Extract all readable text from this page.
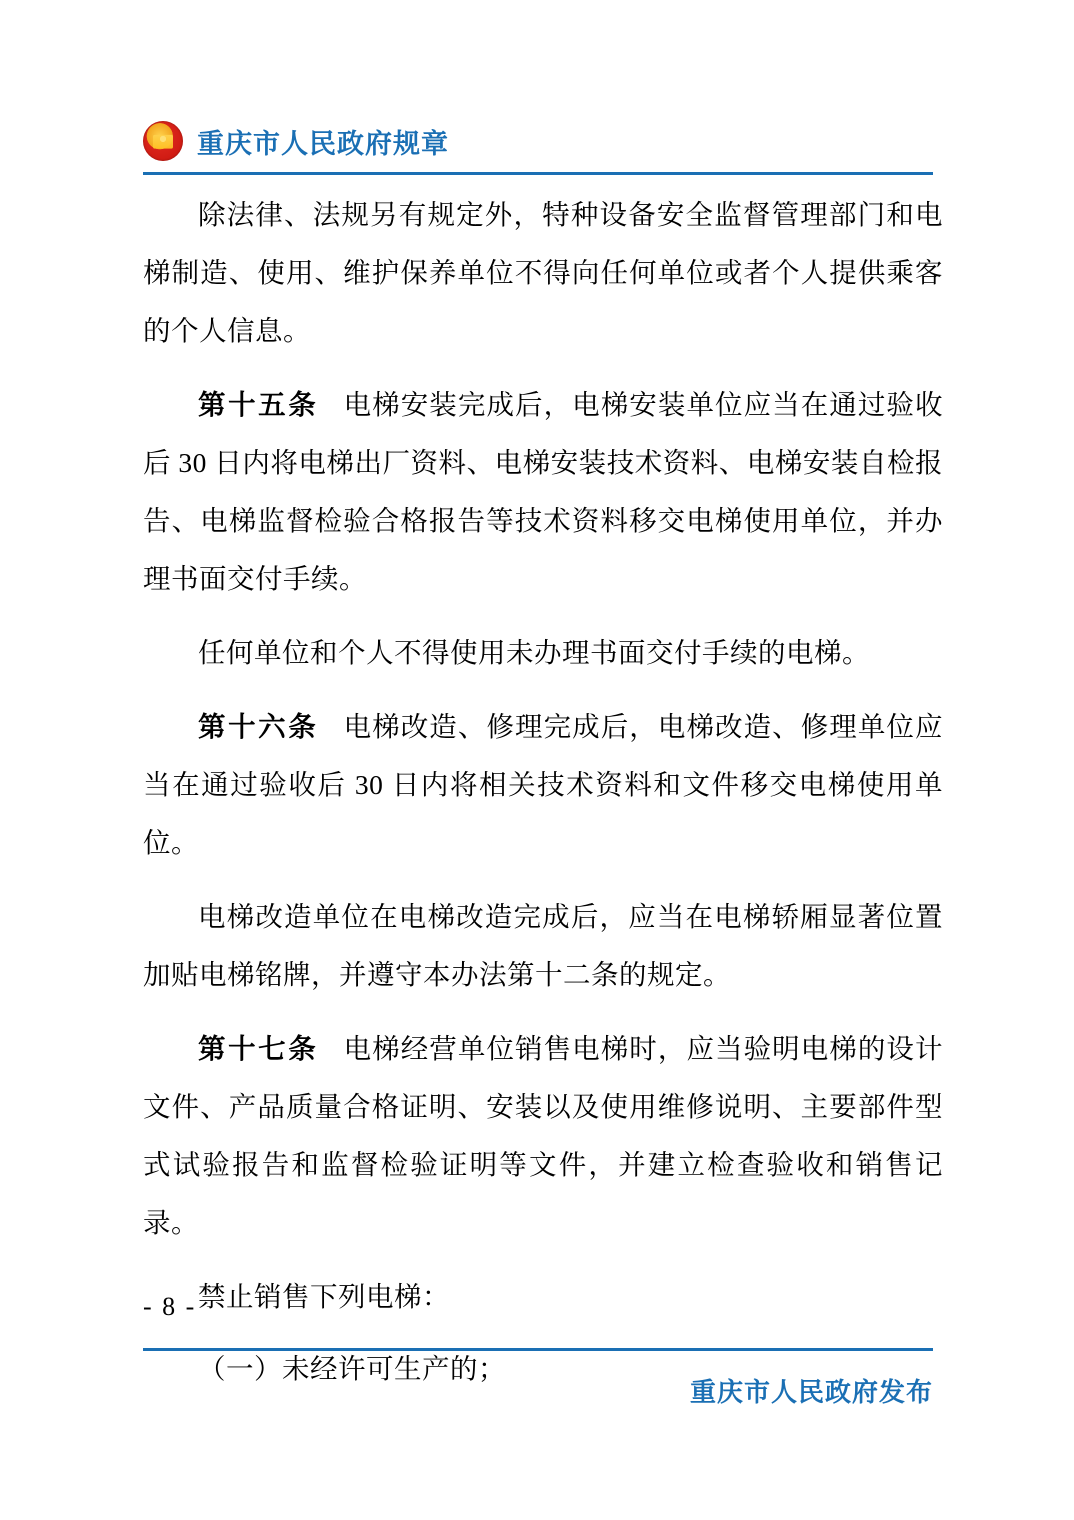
重庆市人民政府规章

除法律、法规另有规定外，特种设备安全监督管理部门和电梯制造、使用、维护保养单位不得向任何单位或者个人提供乘客的个人信息。

第十五条 电梯安装完成后，电梯安装单位应当在通过验收后 30 日内将电梯出厂资料、电梯安装技术资料、电梯安装自检报告、电梯监督检验合格报告等技术资料移交电梯使用单位，并办理书面交付手续。

任何单位和个人不得使用未办理书面交付手续的电梯。

第十六条 电梯改造、修理完成后，电梯改造、修理单位应当在通过验收后 30 日内将相关技术资料和文件移交电梯使用单位。

电梯改造单位在电梯改造完成后，应当在电梯轿厢显著位置加贴电梯铭牌，并遵守本办法第十二条的规定。

第十七条 电梯经营单位销售电梯时，应当验明电梯的设计文件、产品质量合格证明、安装以及使用维修说明、主要部件型式试验报告和监督检验证明等文件，并建立检查验收和销售记录。

禁止销售下列电梯：

（一）未经许可生产的；

- 8 -
重庆市人民政府发布
